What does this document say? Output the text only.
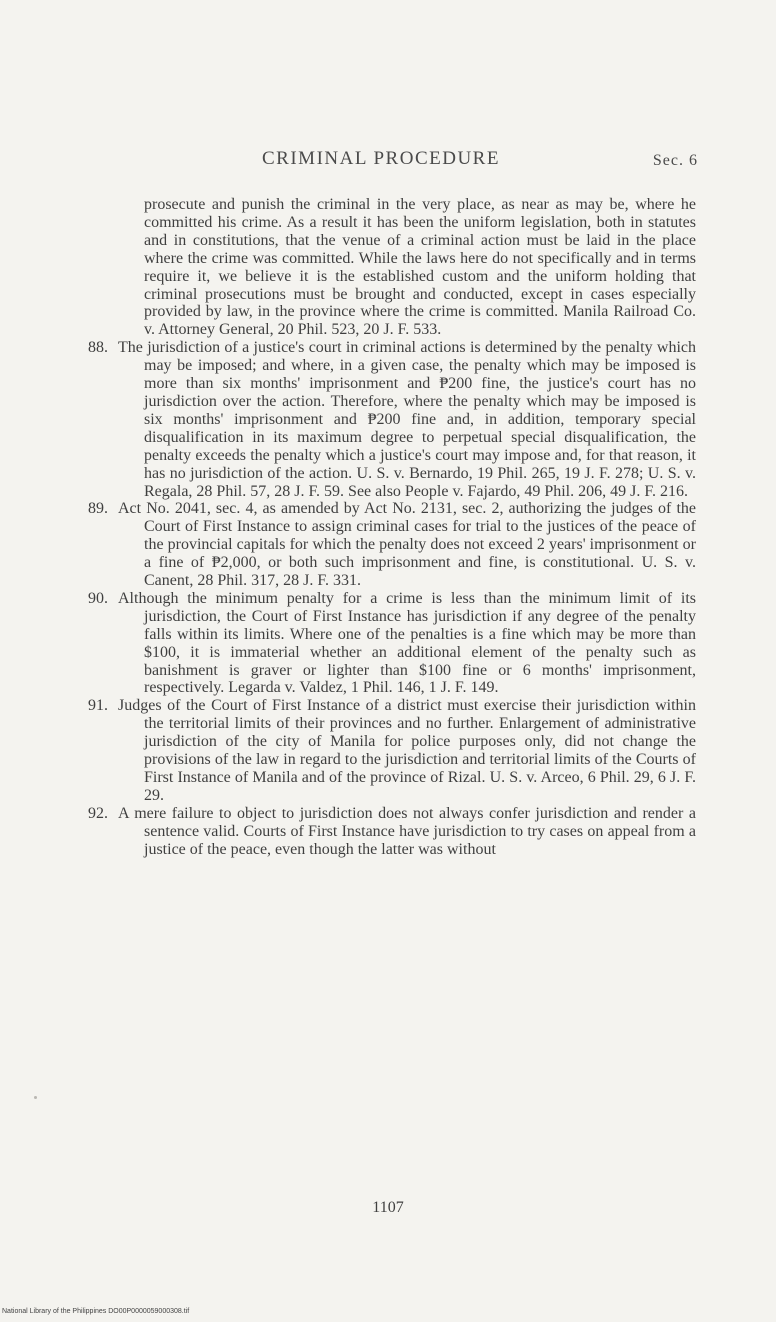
CRIMINAL PROCEDURE	Sec. 6

prosecute and punish the criminal in the very place, as near as may be, where he committed his crime. As a result it has been the uniform legislation, both in statutes and in constitutions, that the venue of a criminal action must be laid in the place where the crime was committed. While the laws here do not specifically and in terms require it, we believe it is the established custom and the uniform holding that criminal prosecutions must be brought and conducted, except in cases especially provided by law, in the province where the crime is committed. Manila Railroad Co. v. Attorney General, 20 Phil. 523, 20 J. F. 533.

88. The jurisdiction of a justice's court in criminal actions is determined by the penalty which may be imposed; and where, in a given case, the penalty which may be imposed is more than six months' imprisonment and ₱200 fine, the justice's court has no jurisdiction over the action. Therefore, where the penalty which may be imposed is six months' imprisonment and ₱200 fine and, in addition, temporary special disqualification in its maximum degree to perpetual special disqualification, the penalty exceeds the penalty which a justice's court may impose and, for that reason, it has no jurisdiction of the action. U. S. v. Bernardo, 19 Phil. 265, 19 J. F. 278; U. S. v. Regala, 28 Phil. 57, 28 J. F. 59. See also People v. Fajardo, 49 Phil. 206, 49 J. F. 216.

89. Act No. 2041, sec. 4, as amended by Act No. 2131, sec. 2, authorizing the judges of the Court of First Instance to assign criminal cases for trial to the justices of the peace of the provincial capitals for which the penalty does not exceed 2 years' imprisonment or a fine of ₱2,000, or both such imprisonment and fine, is constitutional. U. S. v. Canent, 28 Phil. 317, 28 J. F. 331.

90. Although the minimum penalty for a crime is less than the minimum limit of its jurisdiction, the Court of First Instance has jurisdiction if any degree of the penalty falls within its limits. Where one of the penalties is a fine which may be more than $100, it is immaterial whether an additional element of the penalty such as banishment is graver or lighter than $100 fine or 6 months' imprisonment, respectively. Legarda v. Valdez, 1 Phil. 146, 1 J. F. 149.

91. Judges of the Court of First Instance of a district must exercise their jurisdiction within the territorial limits of their provinces and no further. Enlargement of administrative jurisdiction of the city of Manila for police purposes only, did not change the provisions of the law in regard to the jurisdiction and territorial limits of the Courts of First Instance of Manila and of the province of Rizal. U. S. v. Arceo, 6 Phil. 29, 6 J. F. 29.

92. A mere failure to object to jurisdiction does not always confer jurisdiction and render a sentence valid. Courts of First Instance have jurisdiction to try cases on appeal from a justice of the peace, even though the latter was without

1107
National Library of the Philippines DO00P0000059000308.tif
